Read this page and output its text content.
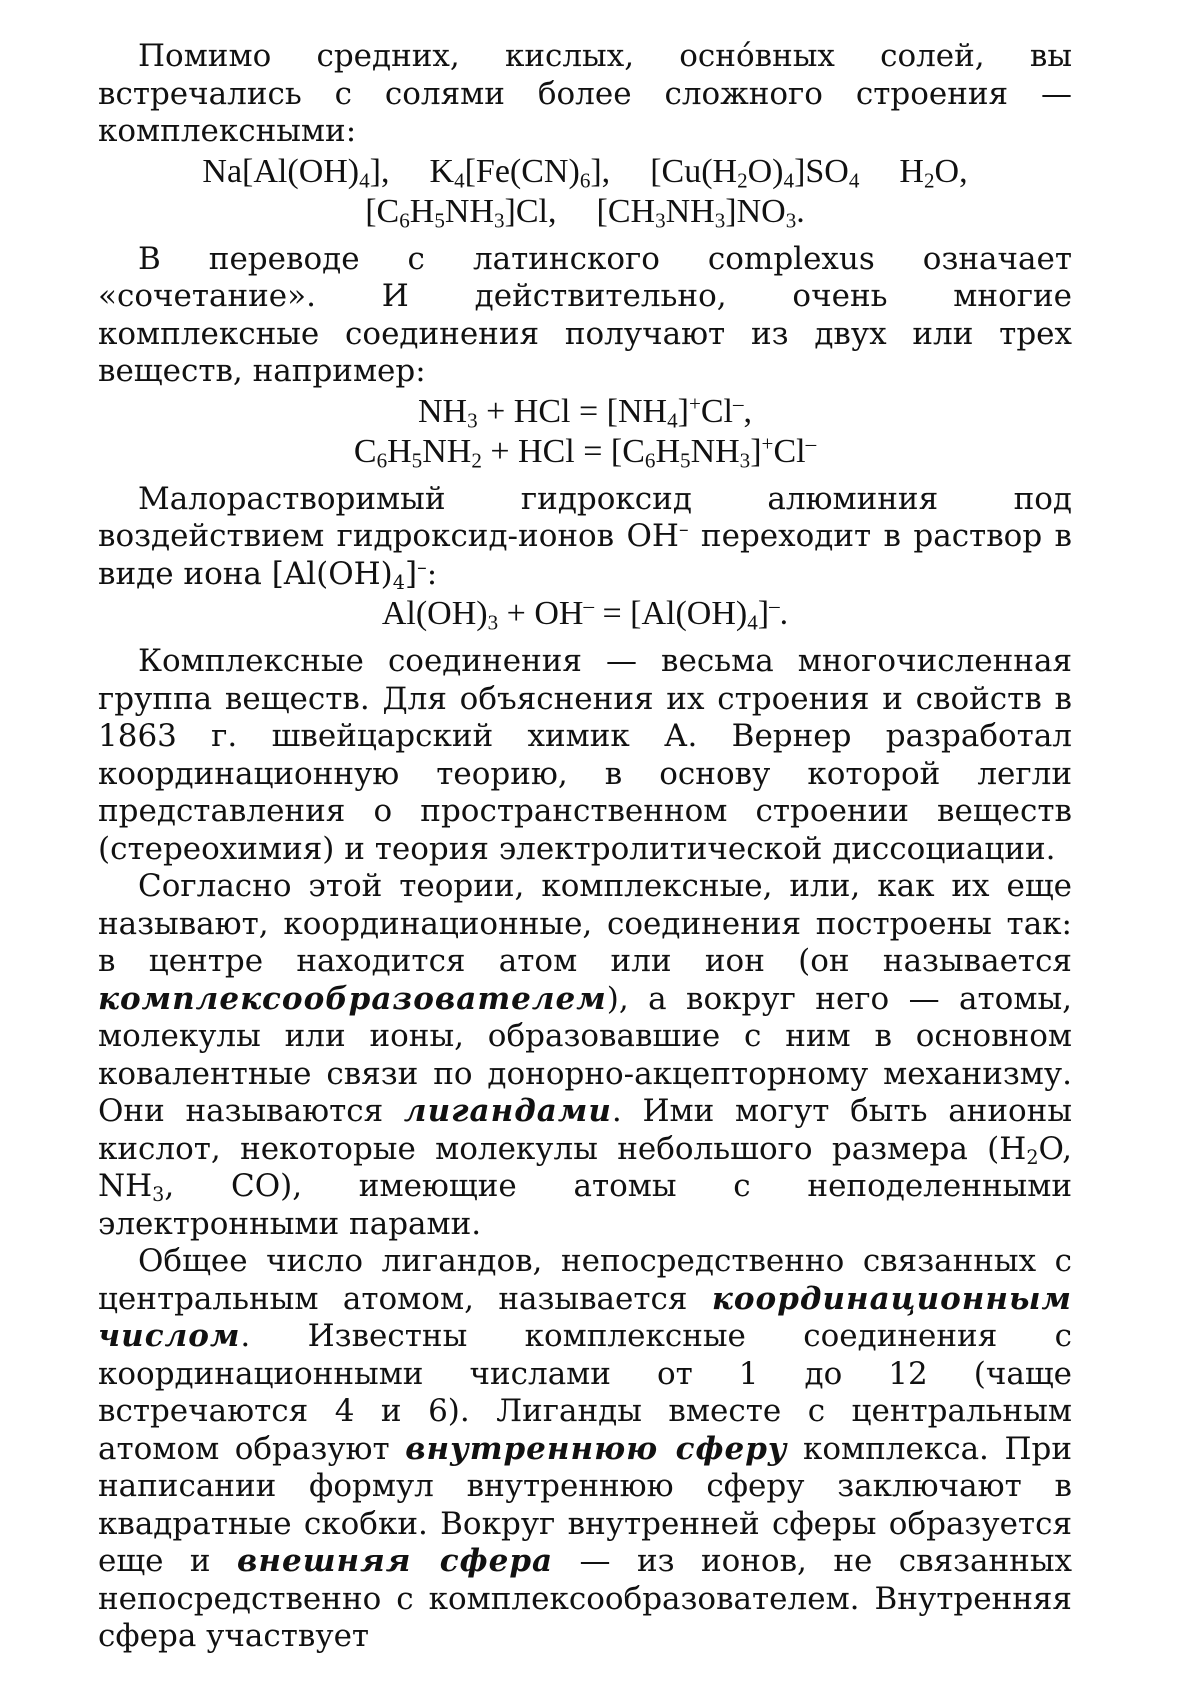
Помимо средних, кислых, осно́вных солей, вы встречались с солями более сложного строения — комплексными:

$Na[Al(OH)_4]$, $K_4[Fe(CN)_6]$, $[Cu(H_2O)_4]SO_4$ $H_2O$,
$[C_6H_5NH_3]Cl$, $[CH_3NH_3]NO_3$.

В переводе с латинского complexus означает «сочетание». И действительно, очень многие комплексные соединения получают из двух или трех веществ, например:

$NH_3$ + HCl = $[NH_4]^+Cl^-$,
$C_6H_5NH_2$ + HCl = $[C_6H_5NH_3]^+Cl^-$

Малорастворимый гидроксид алюминия под воздействием гидроксид-ионов OH– переходит в раствор в виде иона $[Al(OH)_4]^-$:

$Al(OH)_3 + OH^- = [Al(OH)_4]^-$.

Комплексные соединения — весьма многочисленная группа веществ. Для объяснения их строения и свойств в 1863 г. швейцарский химик А. Вернер разработал координационную теорию, в основу которой легли представления о пространственном строении веществ (стереохимия) и теория электролитической диссоциации.

Согласно этой теории, комплексные, или, как их еще называют, координационные, соединения построены так: в центре находится атом или ион (он называется комплексообразователем), а вокруг него — атомы, молекулы или ионы, образовавшие с ним в основном ковалентные связи по донорно-акцепторному механизму. Они называются лигандами. Ими могут быть анионы кислот, некоторые молекулы небольшого размера ($H_2O$, $NH_3$, CO), имеющие атомы с неподеленными электронными парами.

Общее число лигандов, непосредственно связанных с центральным атомом, называется координационным числом. Известны комплексные соединения с координационными числами от 1 до 12 (чаще встречаются 4 и 6). Лиганды вместе с центральным атомом образуют внутреннюю сферу комплекса. При написании формул внутреннюю сферу заключают в квадратные скобки. Вокруг внутренней сферы образуется еще и внешняя сфера — из ионов, не связанных непосредственно с комплексообразователем. Внутренняя сфера участвует
